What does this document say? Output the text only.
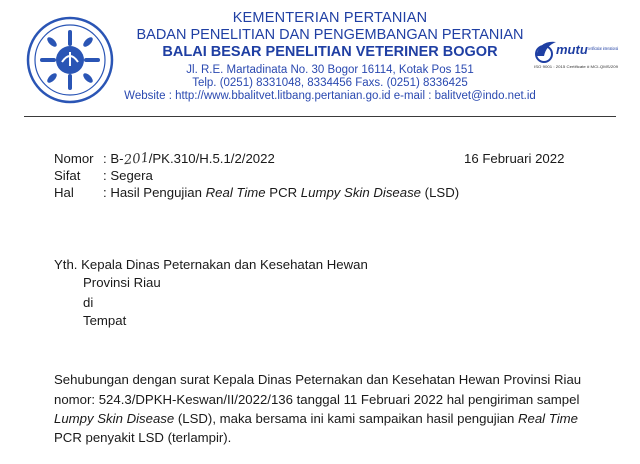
KEMENTERIAN PERTANIAN
BADAN PENELITIAN DAN PENGEMBANGAN PERTANIAN
BALAI BESAR PENELITIAN VETERINER BOGOR
Jl. R.E. Martadinata No. 30 Bogor 16114, Kotak Pos 151
Telp. (0251) 8331048, 8334456 Faxs. (0251) 8336425
Website : http://www.bbalitvet.litbang.pertanian.go.id e-mail : balitvet@indo.net.id
mutu certification international
ISO 9001 : 2015 Certificate # MCI-QMS/209
Nomor : B-201/PK.310/H.5.1/2/2022	16 Februari 2022
Sifat : Segera
Hal : Hasil Pengujian Real Time PCR Lumpy Skin Disease (LSD)
Yth. Kepala Dinas Peternakan dan Kesehatan Hewan
Provinsi Riau
di
Tempat
Sehubungan dengan surat Kepala Dinas Peternakan dan Kesehatan Hewan Provinsi Riau
nomor: 524.3/DPKH-Keswan/II/2022/136 tanggal 11 Februari 2022 hal pengiriman sampel
Lumpy Skin Disease (LSD), maka bersama ini kami sampaikan hasil pengujian Real Time
PCR penyakit LSD (terlampir).
